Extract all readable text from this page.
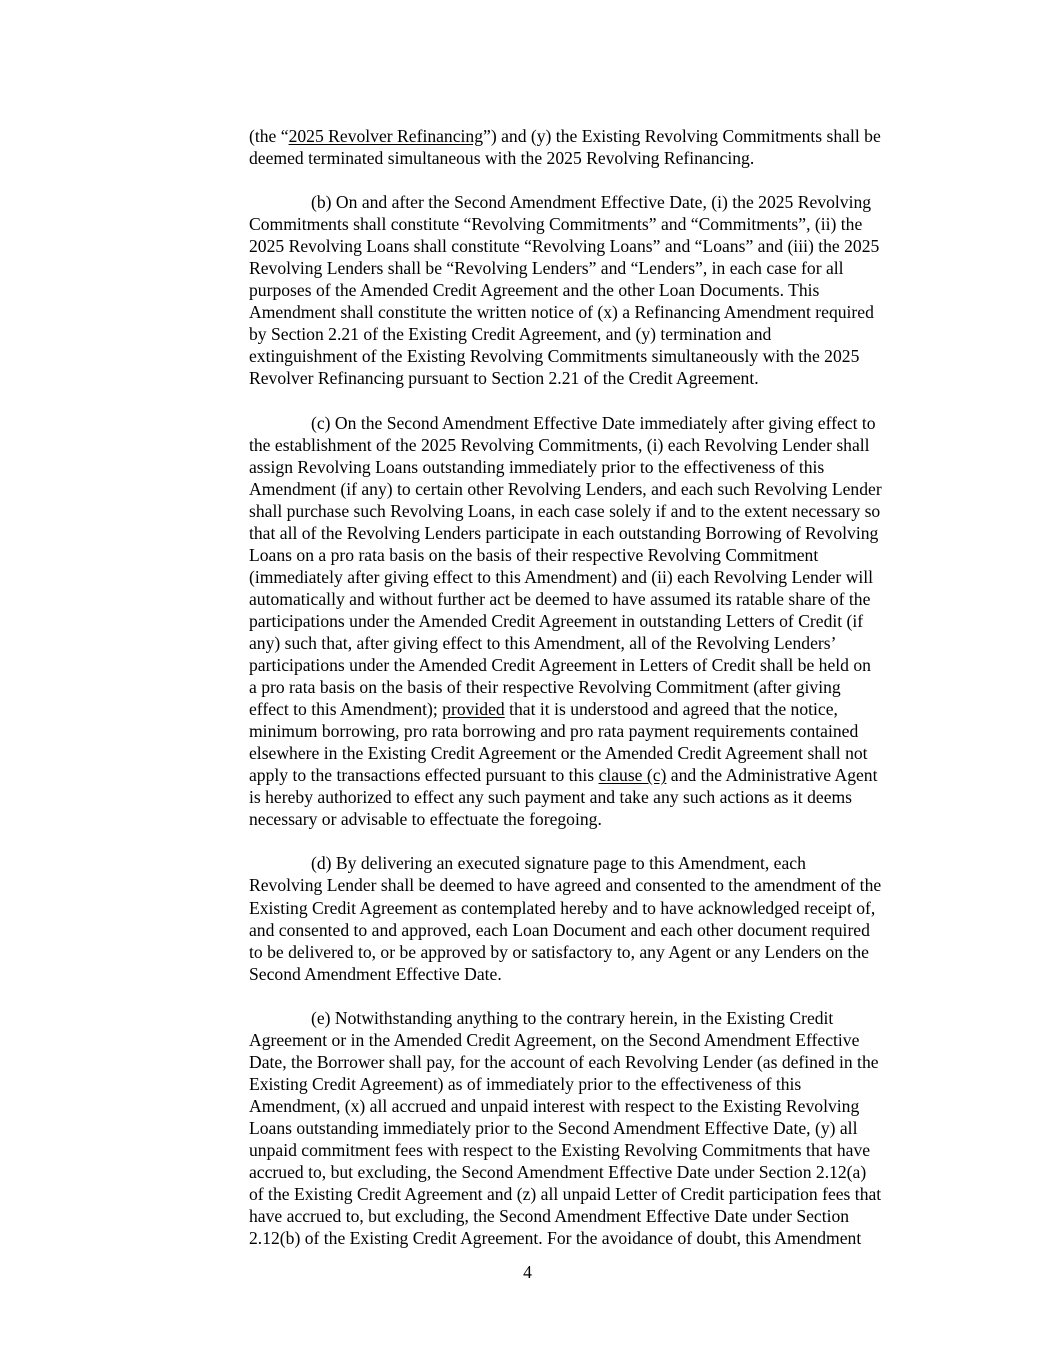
(the “2025 Revolver Refinancing”) and (y) the Existing Revolving Commitments shall be
deemed terminated simultaneous with the 2025 Revolving Refinancing.
(b) On and after the Second Amendment Effective Date, (i) the 2025 Revolving
Commitments shall constitute “Revolving Commitments” and “Commitments”, (ii) the
2025 Revolving Loans shall constitute “Revolving Loans” and “Loans” and (iii) the 2025
Revolving Lenders shall be “Revolving Lenders” and “Lenders”, in each case for all
purposes of the Amended Credit Agreement and the other Loan Documents. This
Amendment shall constitute the written notice of (x) a Refinancing Amendment required
by Section 2.21 of the Existing Credit Agreement, and (y) termination and
extinguishment of the Existing Revolving Commitments simultaneously with the 2025
Revolver Refinancing pursuant to Section 2.21 of the Credit Agreement.
(c) On the Second Amendment Effective Date immediately after giving effect to
the establishment of the 2025 Revolving Commitments, (i) each Revolving Lender shall
assign Revolving Loans outstanding immediately prior to the effectiveness of this
Amendment (if any) to certain other Revolving Lenders, and each such Revolving Lender
shall purchase such Revolving Loans, in each case solely if and to the extent necessary so
that all of the Revolving Lenders participate in each outstanding Borrowing of Revolving
Loans on a pro rata basis on the basis of their respective Revolving Commitment
(immediately after giving effect to this Amendment) and (ii) each Revolving Lender will
automatically and without further act be deemed to have assumed its ratable share of the
participations under the Amended Credit Agreement in outstanding Letters of Credit (if
any) such that, after giving effect to this Amendment, all of the Revolving Lenders’
participations under the Amended Credit Agreement in Letters of Credit shall be held on
a pro rata basis on the basis of their respective Revolving Commitment (after giving
effect to this Amendment); provided that it is understood and agreed that the notice,
minimum borrowing, pro rata borrowing and pro rata payment requirements contained
elsewhere in the Existing Credit Agreement or the Amended Credit Agreement shall not
apply to the transactions effected pursuant to this clause (c) and the Administrative Agent
is hereby authorized to effect any such payment and take any such actions as it deems
necessary or advisable to effectuate the foregoing.
(d) By delivering an executed signature page to this Amendment, each
Revolving Lender shall be deemed to have agreed and consented to the amendment of the
Existing Credit Agreement as contemplated hereby and to have acknowledged receipt of,
and consented to and approved, each Loan Document and each other document required
to be delivered to, or be approved by or satisfactory to, any Agent or any Lenders on the
Second Amendment Effective Date.
(e) Notwithstanding anything to the contrary herein, in the Existing Credit
Agreement or in the Amended Credit Agreement, on the Second Amendment Effective
Date, the Borrower shall pay, for the account of each Revolving Lender (as defined in the
Existing Credit Agreement) as of immediately prior to the effectiveness of this
Amendment, (x) all accrued and unpaid interest with respect to the Existing Revolving
Loans outstanding immediately prior to the Second Amendment Effective Date, (y) all
unpaid commitment fees with respect to the Existing Revolving Commitments that have
accrued to, but excluding, the Second Amendment Effective Date under Section 2.12(a)
of the Existing Credit Agreement and (z) all unpaid Letter of Credit participation fees that
have accrued to, but excluding, the Second Amendment Effective Date under Section
2.12(b) of the Existing Credit Agreement. For the avoidance of doubt, this Amendment
4
